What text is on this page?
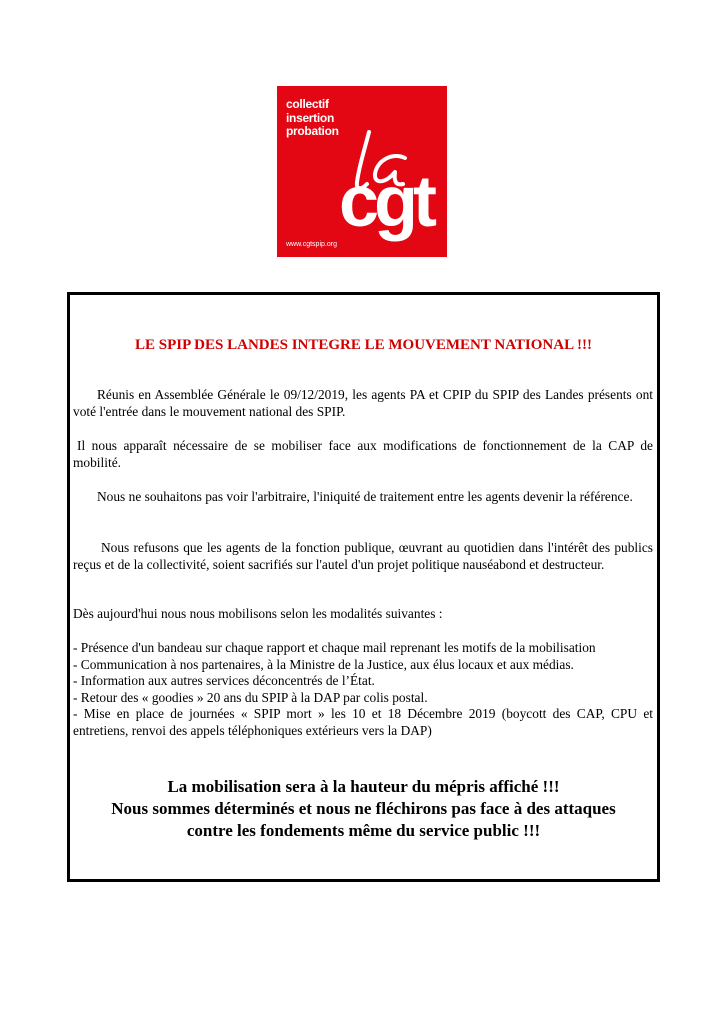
collectif
insertion
probation
cgt
www.cgtspip.org
LE SPIP DES LANDES INTEGRE LE MOUVEMENT NATIONAL !!!
Réunis en Assemblée Générale le 09/12/2019, les agents PA et CPIP du SPIP des Landes présents ont voté l'entrée dans le mouvement national des SPIP.
Il nous apparaît nécessaire de se mobiliser face aux modifications de fonctionnement de la CAP de mobilité.
Nous ne souhaitons pas voir l'arbitraire, l'iniquité de traitement entre les agents devenir la référence.
Nous refusons que les agents de la fonction publique, œuvrant au quotidien dans l'intérêt des publics reçus et de la collectivité, soient sacrifiés sur l'autel d'un projet politique nauséabond et destructeur.
Dès aujourd'hui nous nous mobilisons selon les modalités suivantes :
- Présence d'un bandeau sur chaque rapport et chaque mail reprenant les motifs de la mobilisation
- Communication à nos partenaires, à la Ministre de la Justice, aux élus locaux et aux médias.
- Information aux autres services déconcentrés de l’État.
- Retour des « goodies » 20 ans du SPIP à la DAP par colis postal.
- Mise en place de journées « SPIP mort » les 10 et 18 Décembre 2019 (boycott des CAP, CPU et entretiens, renvoi des appels téléphoniques extérieurs vers la DAP)
La mobilisation sera à la hauteur du mépris affiché !!!
Nous sommes déterminés et nous ne fléchirons pas face à des attaques
contre les fondements même du service public !!!
